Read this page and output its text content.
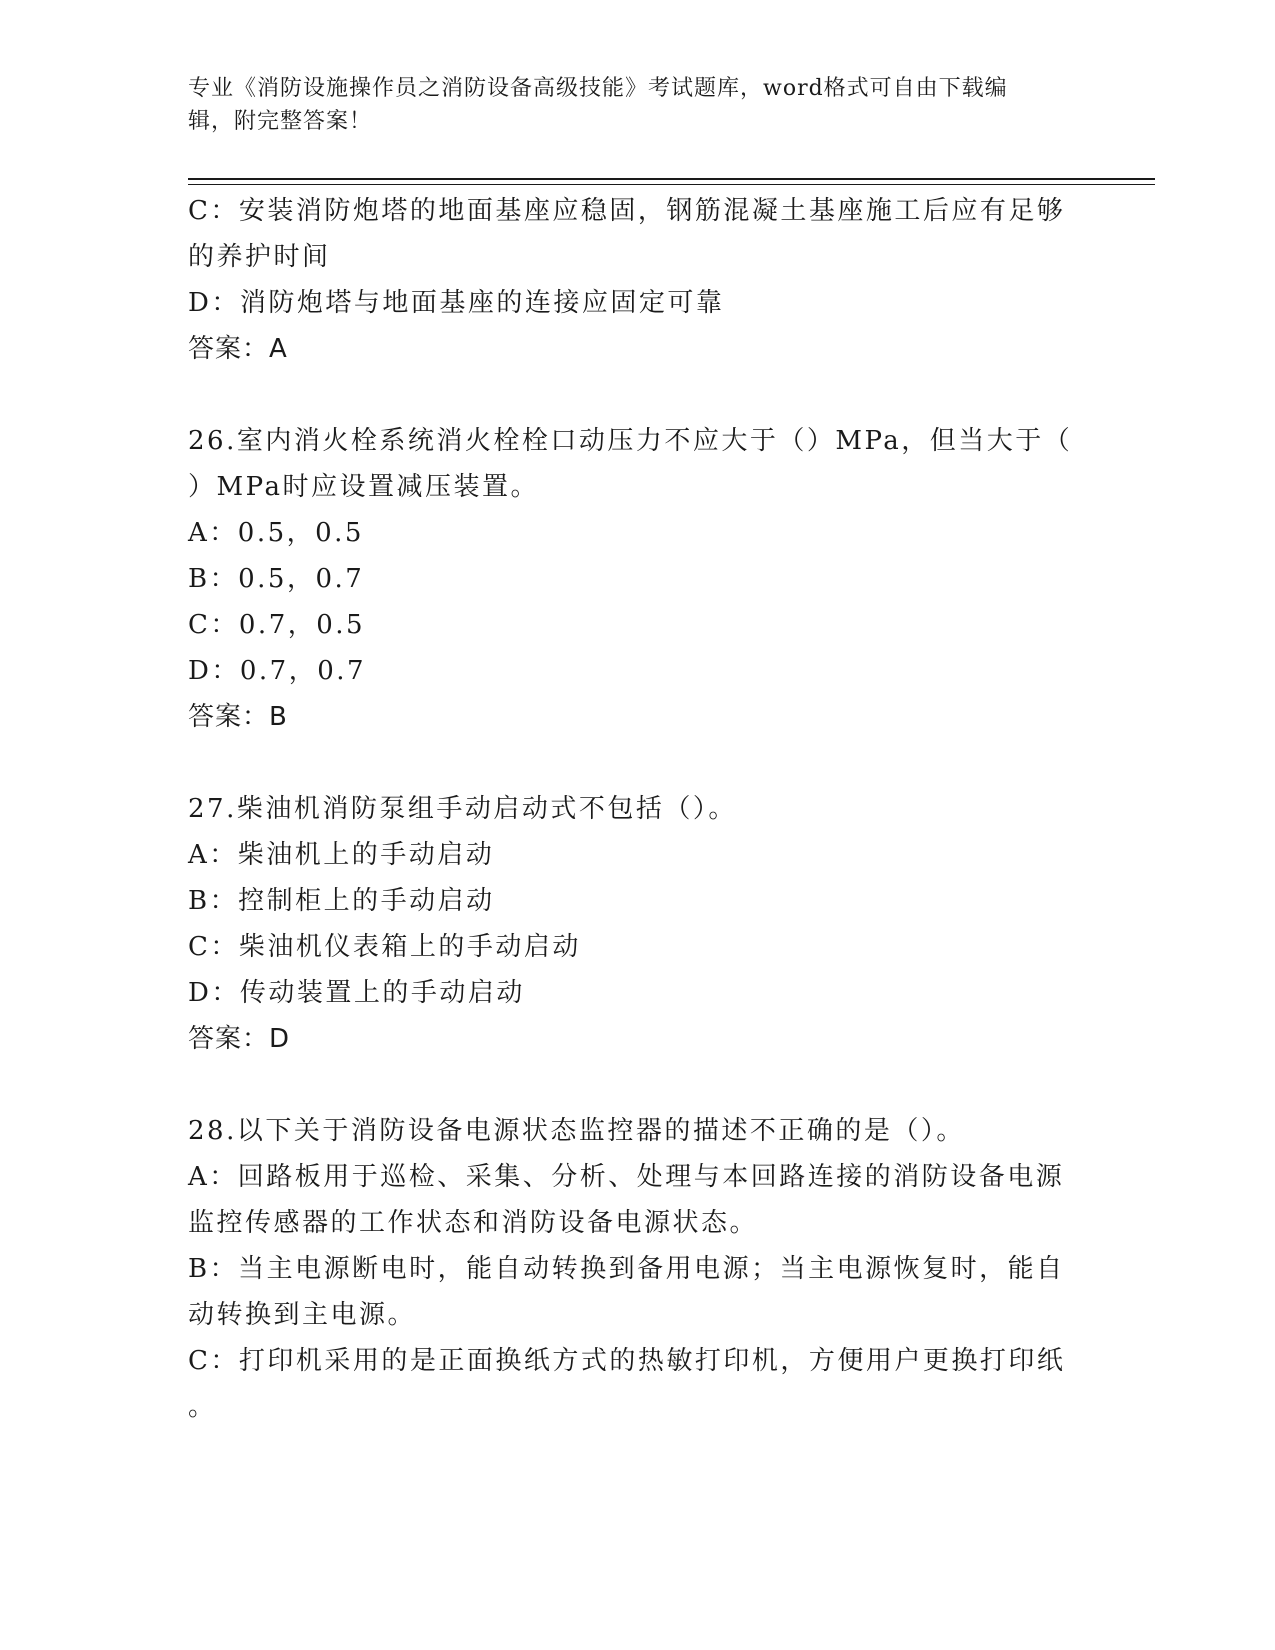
专业《消防设施操作员之消防设备高级技能》考试题库，word格式可自由下载编
辑，附完整答案！
C：安装消防炮塔的地面基座应稳固，钢筋混凝土基座施工后应有足够
的养护时间
D：消防炮塔与地面基座的连接应固定可靠
答案：A
26.室内消火栓系统消火栓栓口动压力不应大于（）MPa，但当大于（
）MPa时应设置减压装置。
A：0.5，0.5
B：0.5，0.7
C：0.7，0.5
D：0.7，0.7
答案：B
27.柴油机消防泵组手动启动式不包括（）。
A：柴油机上的手动启动
B：控制柜上的手动启动
C：柴油机仪表箱上的手动启动
D：传动装置上的手动启动
答案：D
28.以下关于消防设备电源状态监控器的描述不正确的是（）。
A：回路板用于巡检、采集、分析、处理与本回路连接的消防设备电源
监控传感器的工作状态和消防设备电源状态。
B：当主电源断电时，能自动转换到备用电源；当主电源恢复时，能自
动转换到主电源。
C：打印机采用的是正面换纸方式的热敏打印机，方便用户更换打印纸
。
